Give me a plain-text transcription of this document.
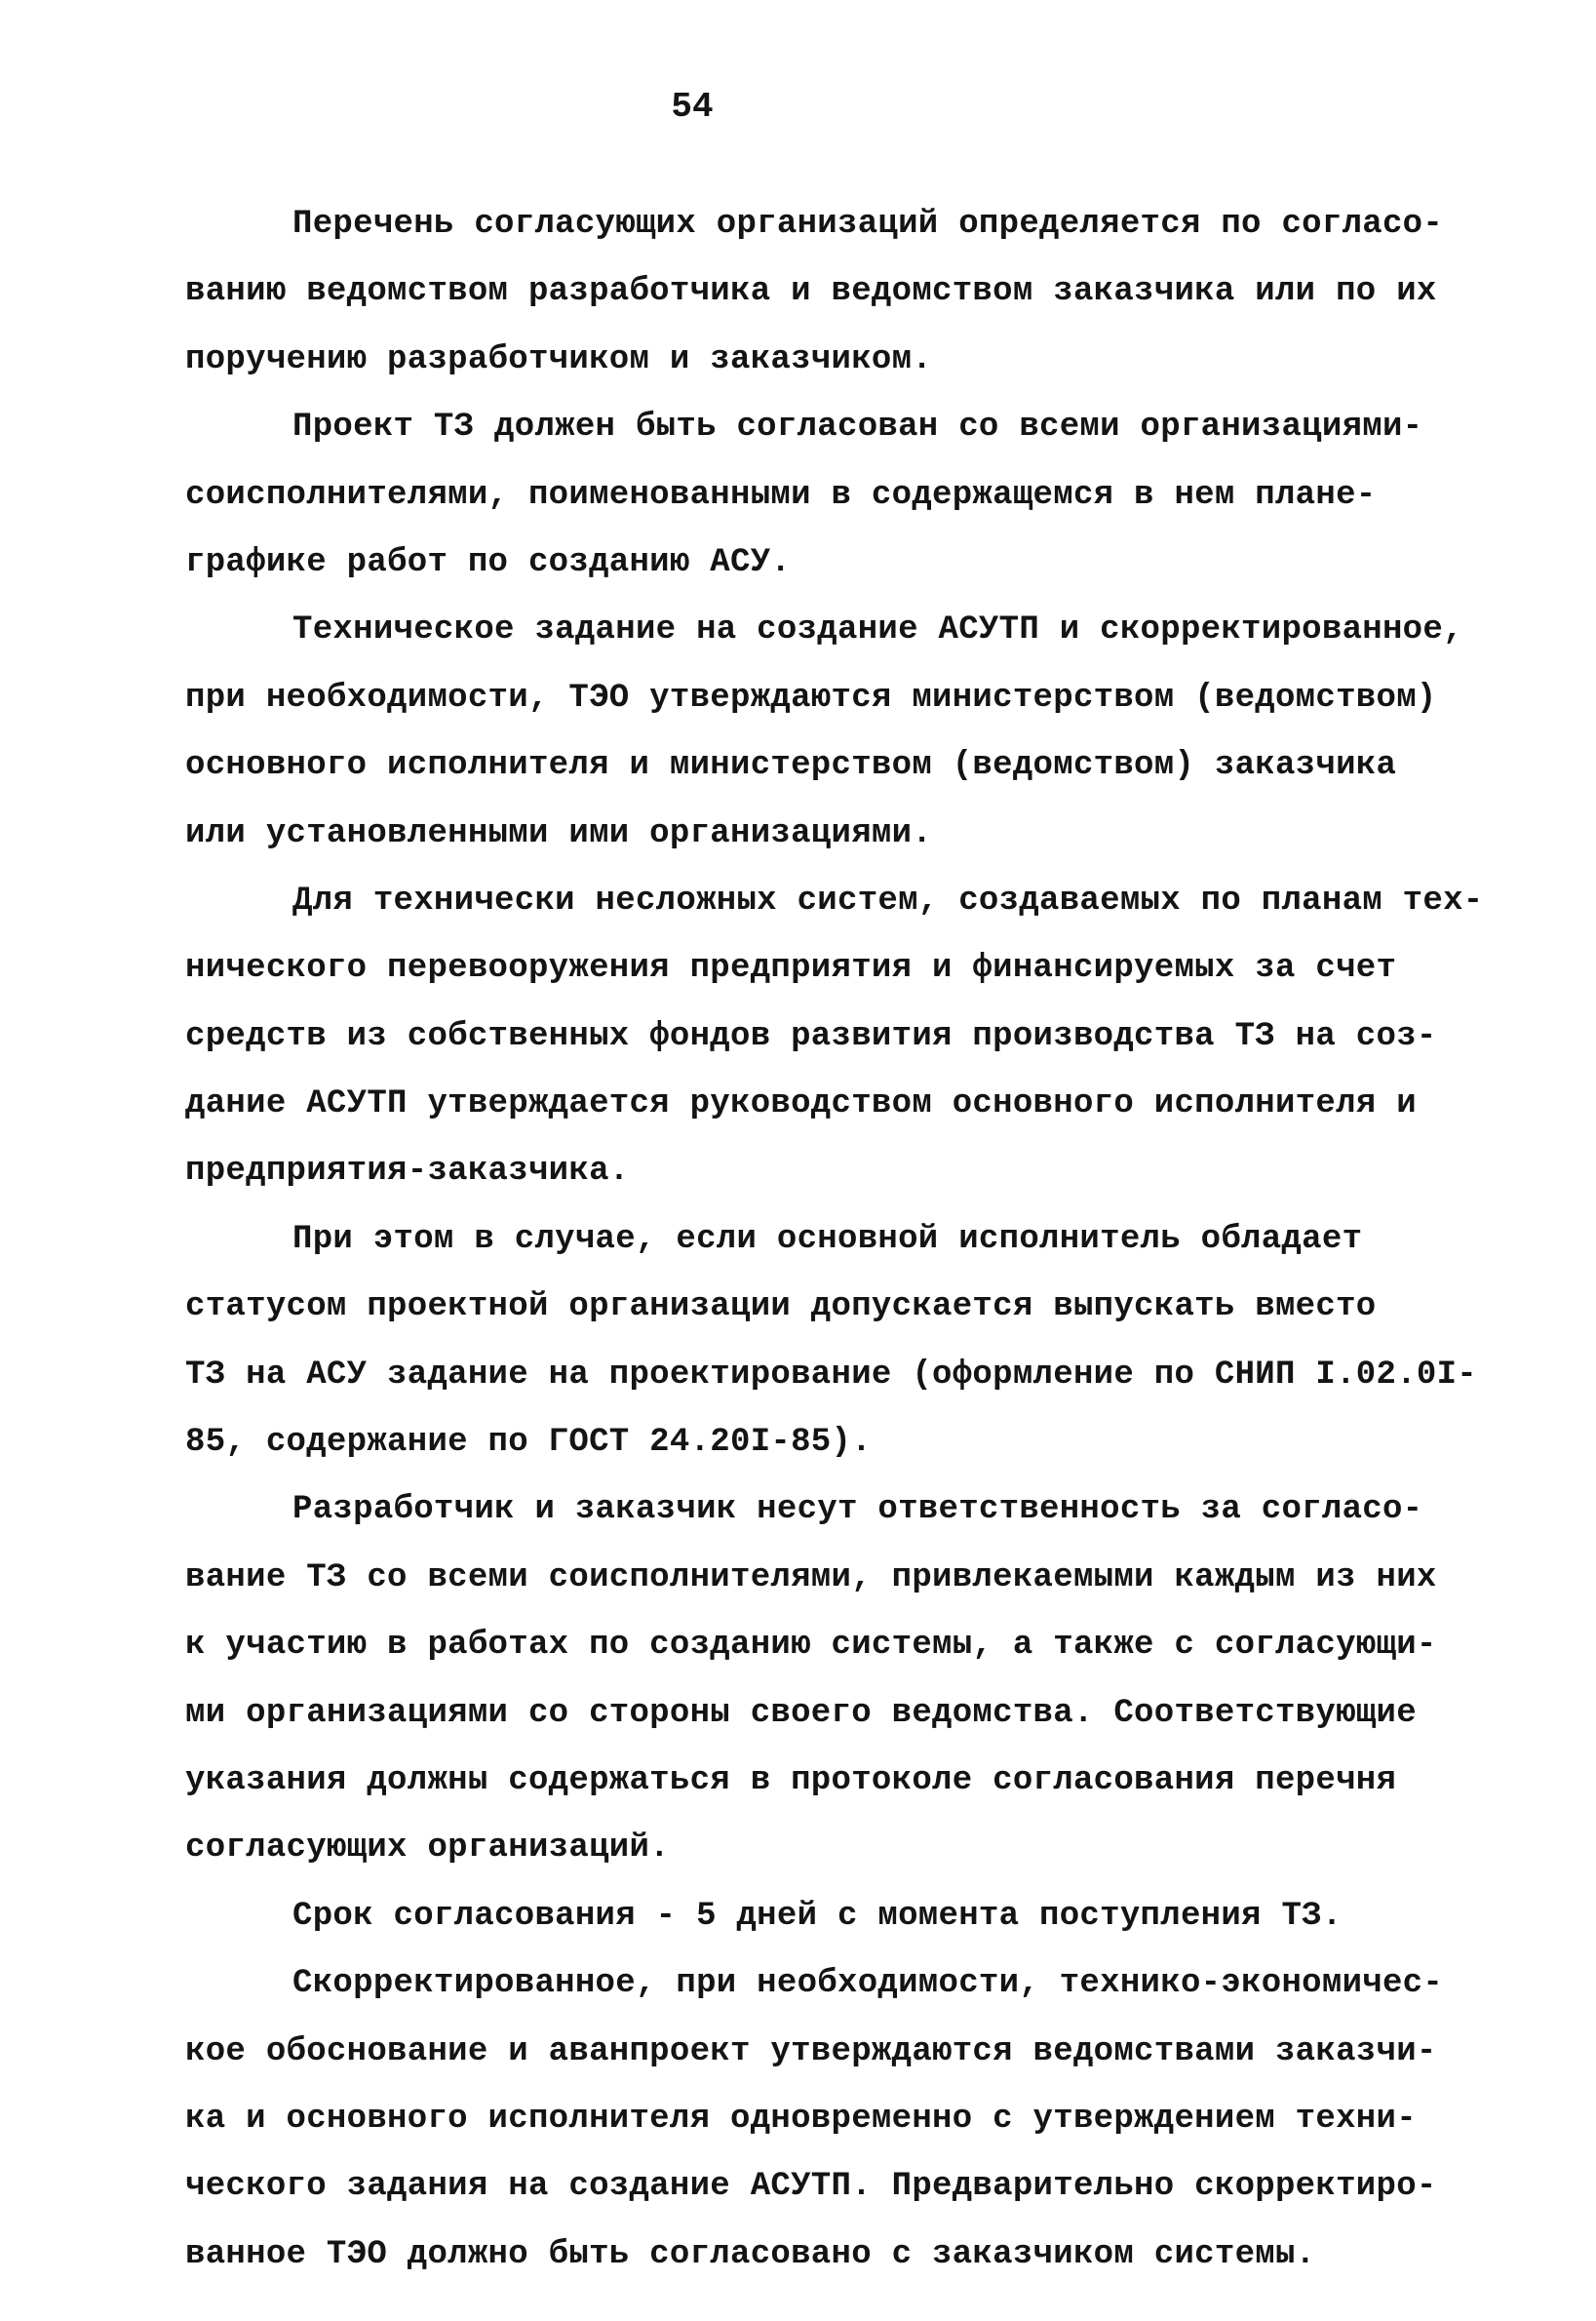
54
Перечень согласующих организаций определяется по согласо-
ванию ведомством разработчика и ведомством заказчика или по их
поручению разработчиком и заказчиком.
Проект ТЗ должен быть согласован со всеми организациями-
соисполнителями, поименованными в содержащемся в нем плане-
графике работ по созданию АСУ.
Техническое задание на создание АСУТП и скорректированное,
при необходимости, ТЭО утверждаются министерством (ведомством)
основного исполнителя и министерством (ведомством) заказчика
или установленными ими организациями.
Для технически несложных систем, создаваемых по планам тех-
нического перевооружения предприятия и финансируемых за счет
средств из собственных фондов развития производства ТЗ на соз-
дание АСУТП утверждается руководством основного исполнителя и
предприятия-заказчика.
При этом в случае, если основной исполнитель обладает
статусом проектной организации допускается выпускать вместо
ТЗ на АСУ задание на проектирование (оформление по СНИП I.02.0I-
85, содержание по ГОСТ 24.20I-85).
Разработчик и заказчик несут ответственность за согласо-
вание ТЗ со всеми соисполнителями, привлекаемыми каждым из них
к участию в работах по созданию системы, а также с согласующи-
ми организациями со стороны своего ведомства. Соответствующие
указания должны содержаться в протоколе согласования перечня
согласующих организаций.
Срок согласования - 5 дней с момента поступления ТЗ.
Скорректированное, при необходимости, технико-экономичес-
кое обоснование и аванпроект утверждаются ведомствами заказчи-
ка и основного исполнителя одновременно с утверждением техни-
ческого задания на создание АСУТП. Предварительно скорректиро-
ванное ТЭО должно быть согласовано с заказчиком системы.
